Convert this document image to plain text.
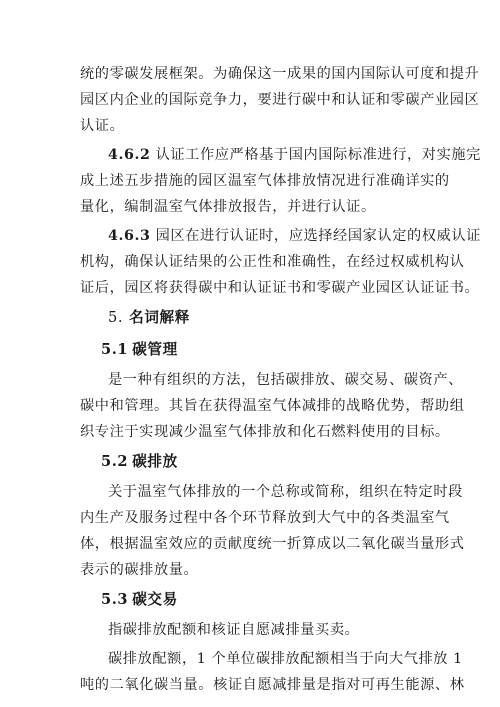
统的零碳发展框架。为确保这一成果的国内国际认可度和提升
园区内企业的国际竞争力，要进行碳中和认证和零碳产业园区
认证。
4.6.2 认证工作应严格基于国内国际标准进行，对实施完
成上述五步措施的园区温室气体排放情况进行准确详实的
量化，编制温室气体排放报告，并进行认证。
4.6.3 园区在进行认证时，应选择经国家认定的权威认证
机构，确保认证结果的公正性和准确性，在经过权威机构认
证后，园区将获得碳中和认证证书和零碳产业园区认证证书。
5. 名词解释
5.1 碳管理
是一种有组织的方法，包括碳排放、碳交易、碳资产、
碳中和管理。其旨在获得温室气体减排的战略优势，帮助组
织专注于实现减少温室气体排放和化石燃料使用的目标。
5.2 碳排放
关于温室气体排放的一个总称或简称，组织在特定时段
内生产及服务过程中各个环节释放到大气中的各类温室气
体，根据温室效应的贡献度统一折算成以二氧化碳当量形式
表示的碳排放量。
5.3 碳交易
指碳排放配额和核证自愿减排量买卖。
碳排放配额，1 个单位碳排放配额相当于向大气排放 1
吨的二氧化碳当量。核证自愿减排量是指对可再生能源、林
